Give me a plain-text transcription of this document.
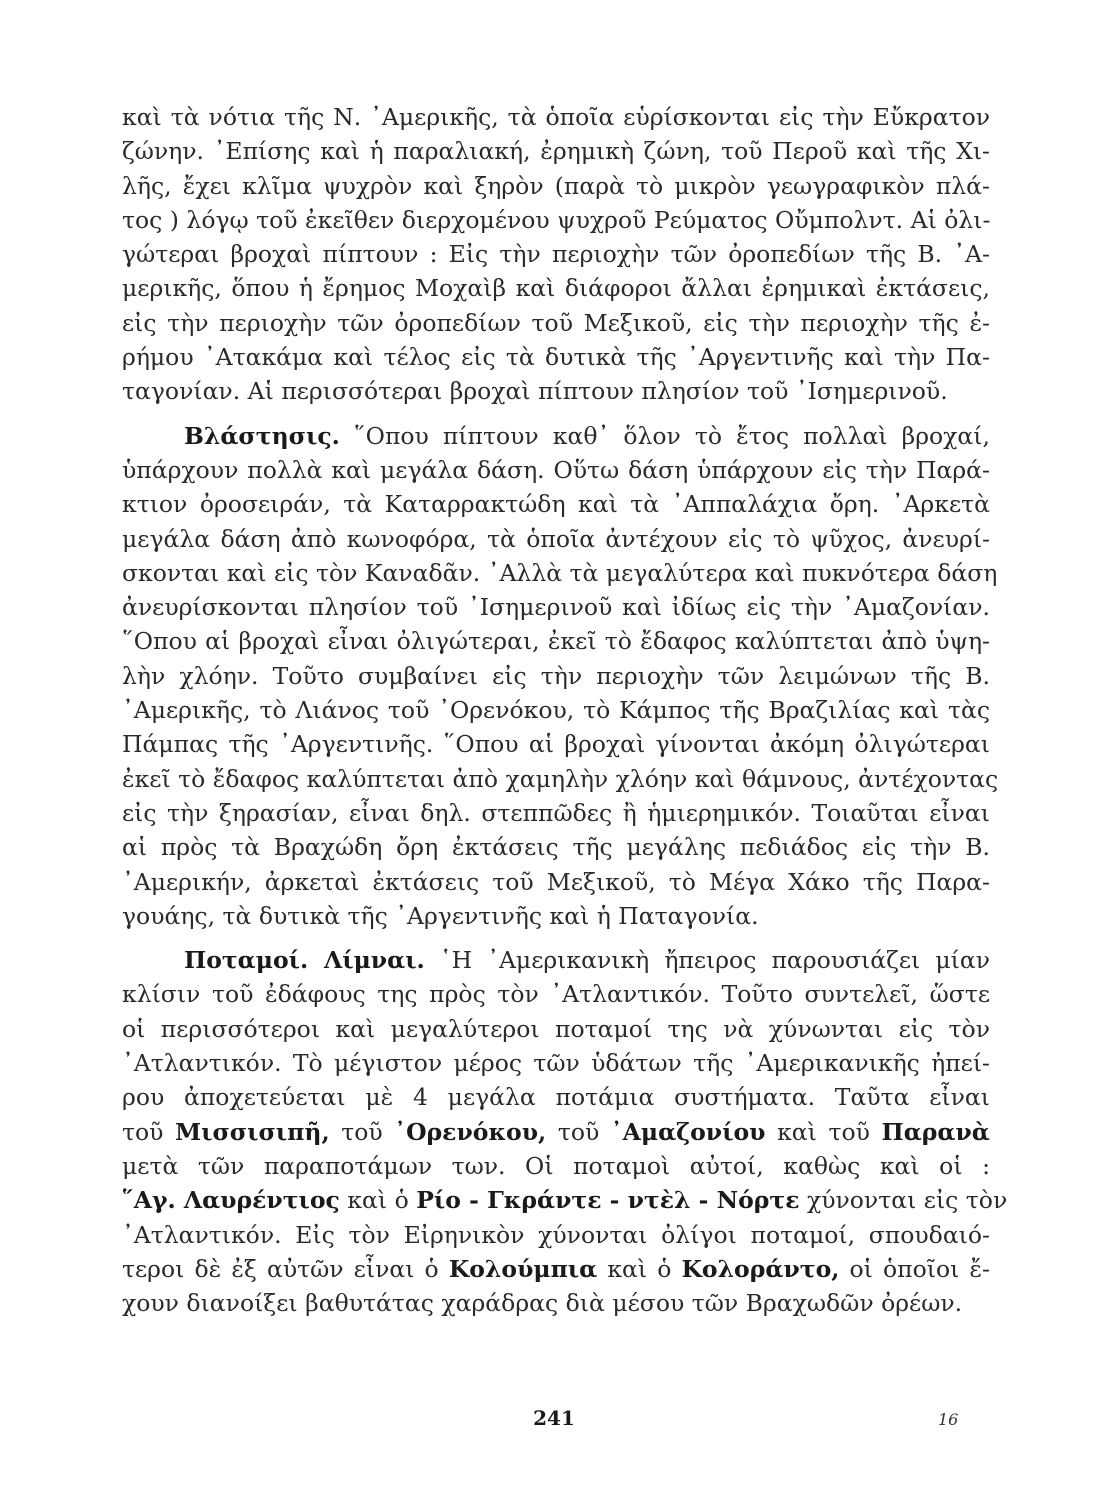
καὶ τὰ νότια τῆς Ν. ᾿Αμερικῆς, τὰ ὁποῖα εὑρίσκονται εἰς τὴν Εὔκρατον
ζώνην. ᾿Επίσης καὶ ἡ παραλιακή, ἐρημικὴ ζώνη, τοῦ Περοῦ καὶ τῆς Χι-
λῆς, ἔχει κλῖμα ψυχρὸν καὶ ξηρὸν (παρὰ τὸ μικρὸν γεωγραφικὸν πλά-
τος ) λόγῳ τοῦ ἐκεῖθεν διερχομένου ψυχροῦ Ρεύματος Οὔμπολντ. Αἱ ὀλι-
γώτεραι βροχαὶ πίπτουν : Εἰς τὴν περιοχὴν τῶν ὀροπεδίων τῆς Β. ᾿Α-
μερικῆς, ὅπου ἡ ἔρημος Μοχαὶβ καὶ διάφοροι ἄλλαι ἐρημικαὶ ἐκτάσεις,
εἰς τὴν περιοχὴν τῶν ὀροπεδίων τοῦ Μεξικοῦ, εἰς τὴν περιοχὴν τῆς ἐ-
ρήμου ᾿Ατακάμα καὶ τέλος εἰς τὰ δυτικὰ τῆς ᾿Αργεντινῆς καὶ τὴν Πα-
ταγονίαν. Αἱ περισσότεραι βροχαὶ πίπτουν πλησίον τοῦ ᾿Ισημερινοῦ.
Βλάστησις. ῞Οπου πίπτουν καθ᾿ ὅλον τὸ ἔτος πολλαὶ βροχαί,
ὑπάρχουν πολλὰ καὶ μεγάλα δάση. Οὕτω δάση ὑπάρχουν εἰς τὴν Παρά-
κτιον ὀροσειράν, τὰ Καταρρακτώδη καὶ τὰ ᾿Αππαλάχια ὄρη. ᾿Αρκετὰ
μεγάλα δάση ἀπὸ κωνοφόρα, τὰ ὁποῖα ἀντέχουν εἰς τὸ ψῦχος, ἀνευρί-
σκονται καὶ εἰς τὸν Καναδᾶν. ᾿Αλλὰ τὰ μεγαλύτερα καὶ πυκνότερα δάση
ἀνευρίσκονται πλησίον τοῦ ᾿Ισημερινοῦ καὶ ἰδίως εἰς τὴν ᾿Αμαζονίαν.
῞Οπου αἱ βροχαὶ εἶναι ὀλιγώτεραι, ἐκεῖ τὸ ἔδαφος καλύπτεται ἀπὸ ὑψη-
λὴν χλόην. Τοῦτο συμβαίνει εἰς τὴν περιοχὴν τῶν λειμώνων τῆς Β.
᾿Αμερικῆς, τὸ Λιάνος τοῦ ᾿Ορενόκου, τὸ Κάμπος τῆς Βραζιλίας καὶ τὰς
Πάμπας τῆς ᾿Αργεντινῆς. ῞Οπου αἱ βροχαὶ γίνονται ἀκόμη ὀλιγώτεραι
ἐκεῖ τὸ ἔδαφος καλύπτεται ἀπὸ χαμηλὴν χλόην καὶ θάμνους, ἀντέχοντας
εἰς τὴν ξηρασίαν, εἶναι δηλ. στεππῶδες ἢ ἡμιερημικόν. Τοιαῦται εἶναι
αἱ πρὸς τὰ Βραχώδη ὄρη ἐκτάσεις τῆς μεγάλης πεδιάδος εἰς τὴν Β.
᾿Αμερικήν, ἀρκεταὶ ἐκτάσεις τοῦ Μεξικοῦ, τὸ Μέγα Χάκο τῆς Παρα-
γουάης, τὰ δυτικὰ τῆς ᾿Αργεντινῆς καὶ ἡ Παταγονία.
Ποταμοί. Λίμναι. ῾Η ᾿Αμερικανικὴ ἤπειρος παρουσιάζει μίαν
κλίσιν τοῦ ἐδάφους της πρὸς τὸν ᾿Ατλαντικόν. Τοῦτο συντελεῖ, ὥστε
οἱ περισσότεροι καὶ μεγαλύτεροι ποταμοί της νὰ χύνωνται εἰς τὸν
᾿Ατλαντικόν. Τὸ μέγιστον μέρος τῶν ὑδάτων τῆς ᾿Αμερικανικῆς ἠπεί-
ρου ἀποχετεύεται μὲ 4 μεγάλα ποτάμια συστήματα. Ταῦτα εἶναι
τοῦ Μισσισιπῆ, τοῦ ᾿Ορενόκου, τοῦ ᾿Αμαζονίου καὶ τοῦ Παρανὰ
μετὰ τῶν παραποτάμων των. Οἱ ποταμοὶ αὐτοί, καθὼς καὶ οἱ :
῞Αγ. Λαυρέντιος καὶ ὁ Ρίο - Γκράντε - ντὲλ - Νόρτε χύνονται εἰς τὸν
᾿Ατλαντικόν. Εἰς τὸν Εἰρηνικὸν χύνονται ὀλίγοι ποταμοί, σπουδαιό-
τεροι δὲ ἐξ αὐτῶν εἶναι ὁ Κολούμπια καὶ ὁ Κολοράντο, οἱ ὁποῖοι ἔ-
χουν διανοίξει βαθυτάτας χαράδρας διὰ μέσου τῶν Βραχωδῶν ὀρέων.
241	16
